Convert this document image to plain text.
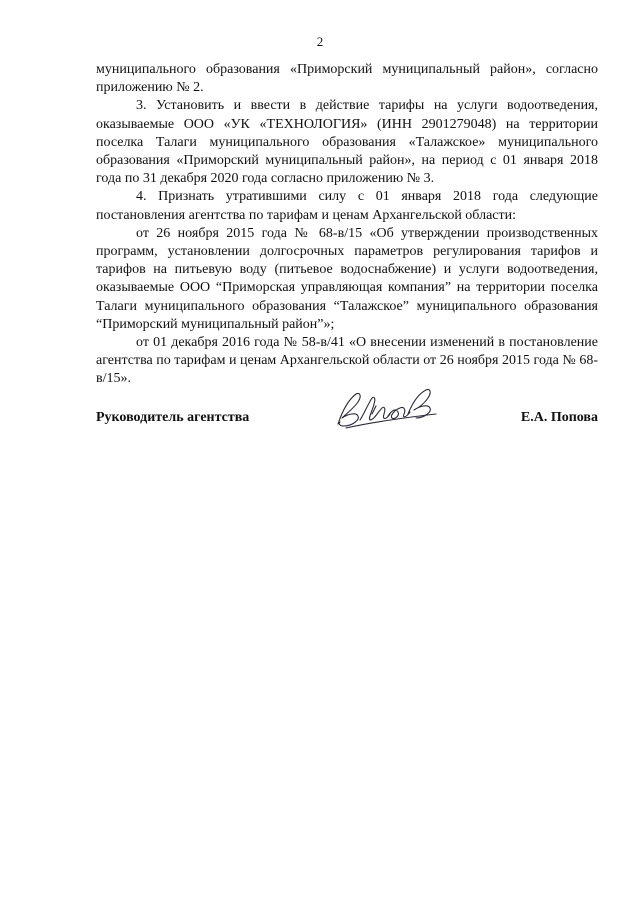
2

муниципального образования «Приморский муниципальный район», согласно приложению № 2.

3. Установить и ввести в действие тарифы на услуги водоотведения, оказываемые ООО «УК «ТЕХНОЛОГИЯ» (ИНН 2901279048) на территории поселка Талаги муниципального образования «Талажское» муниципального образования «Приморский муниципальный район», на период с 01 января 2018 года по 31 декабря 2020 года согласно приложению № 3.

4. Признать утратившими силу с 01 января 2018 года следующие постановления агентства по тарифам и ценам Архангельской области:

от 26 ноября 2015 года № 68-в/15 «Об утверждении производственных программ, установлении долгосрочных параметров регулирования тарифов и тарифов на питьевую воду (питьевое водоснабжение) и услуги водоотведения, оказываемые ООО “Приморская управляющая компания” на территории поселка Талаги муниципального образования “Талажское” муниципального образования “Приморский муниципальный район”»;

от 01 декабря 2016 года № 58-в/41 «О внесении изменений в постановление агентства по тарифам и ценам Архангельской области от 26 ноября 2015 года № 68-в/15».

Руководитель агентства	Е.А. Попова
